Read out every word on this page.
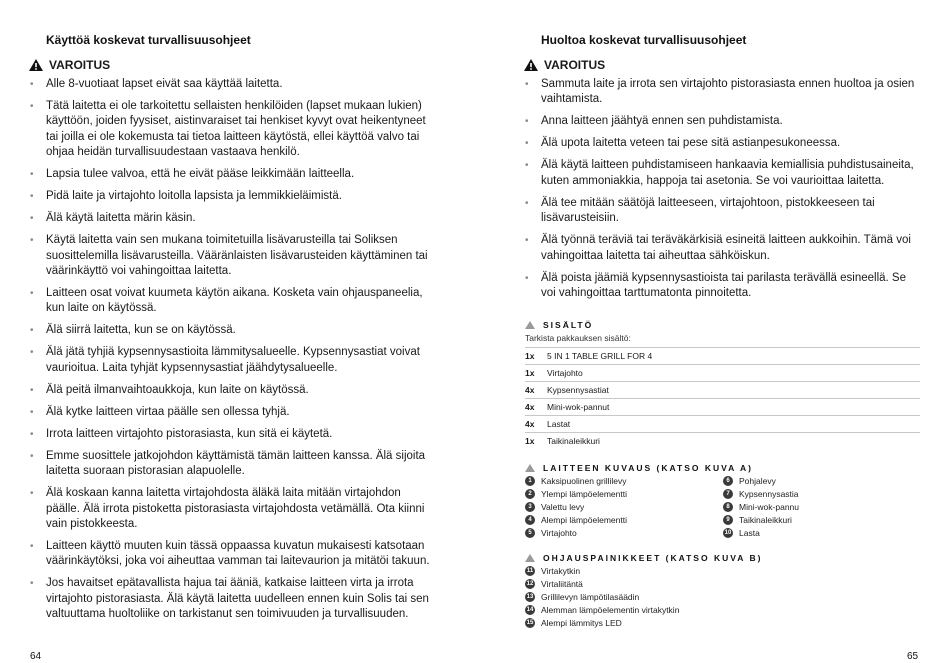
Käyttöä koskevat turvallisuusohjeet
VAROITUS
• Alle 8-vuotiaat lapset eivät saa käyttää laitetta.
• Tätä laitetta ei ole tarkoitettu sellaisten henkilöiden (lapset mukaan lukien) käyttöön, joiden fyysiset, aistinvaraiset tai henkiset kyvyt ovat heikentyneet tai joilla ei ole kokemusta tai tietoa laitteen käytöstä, ellei käyttöä valvo tai ohjaa heidän turvallisuudestaan vastaava henkilö.
• Lapsia tulee valvoa, että he eivät pääse leikkimään laitteella.
• Pidä laite ja virtajohto loitolla lapsista ja lemmikkieläimistä.
• Älä käytä laitetta märin käsin.
• Käytä laitetta vain sen mukana toimitetuilla lisävarusteilla tai Soliksen suosittelemilla lisävarusteilla. Vääränlaisten lisävarusteiden käyttäminen tai väärinkäyttö voi vahingoittaa laitetta.
• Laitteen osat voivat kuumeta käytön aikana. Kosketa vain ohjauspaneelia, kun laite on käytössä.
• Älä siirrä laitetta, kun se on käytössä.
• Älä jätä tyhjiä kypsennysastioita lämmitysalueelle. Kypsennysastiat voivat vaurioitua. Laita tyhjät kypsennysastiat jäähdytysalueelle.
• Älä peitä ilmanvaihtoaukkoja, kun laite on käytössä.
• Älä kytke laitteen virtaa päälle sen ollessa tyhjä.
• Irrota laitteen virtajohto pistorasiasta, kun sitä ei käytetä.
• Emme suosittele jatkojohdon käyttämistä tämän laitteen kanssa. Älä sijoita laitetta suoraan pistorasian alapuolelle.
• Älä koskaan kanna laitetta virtajohdosta äläkä laita mitään virtajohdon päälle. Älä irrota pistoketta pistorasiasta virtajohdosta vetämällä. Ota kiinni vain pistokkeesta.
• Laitteen käyttö muuten kuin tässä oppaassa kuvatun mukaisesti katsotaan väärinkäytöksi, joka voi aiheuttaa vamman tai laitevaurion ja mitätöi takuun.
• Jos havaitset epätavallista hajua tai ääniä, katkaise laitteen virta ja irrota virtajohto pistorasiasta. Älä käytä laitetta uudelleen ennen kuin Solis tai sen valtuuttama huoltoliike on tarkistanut sen toimivuuden ja turvallisuuden.
64
Huoltoa koskevat turvallisuusohjeet
VAROITUS
• Sammuta laite ja irrota sen virtajohto pistorasiasta ennen huoltoa ja osien vaihtamista.
• Anna laitteen jäähtyä ennen sen puhdistamista.
• Älä upota laitetta veteen tai pese sitä astianpesukoneessa.
• Älä käytä laitteen puhdistamiseen hankaavia kemiallisia puhdistusaineita, kuten ammoniakkia, happoja tai asetonia. Se voi vaurioittaa laitetta.
• Älä tee mitään säätöjä laitteeseen, virtajohtoon, pistokkeeseen tai lisävarusteisiin.
• Älä työnnä teräviä tai teräväkärkisiä esineitä laitteen aukkoihin. Tämä voi vahingoittaa laitetta tai aiheuttaa sähköiskun.
• Älä poista jäämiä kypsennysastioista tai parilasta terävällä esineellä. Se voi vahingoittaa tarttumatonta pinnoitetta.
SISÄLTÖ
Tarkista pakkauksen sisältö:
1x	5 IN 1 TABLE GRILL FOR 4
1x	Virtajohto
4x	Kypsennysastiat
4x	Mini-wok-pannut
4x	Lastat
1x	Taikinaleikkuri
LAITTEEN KUVAUS (KATSO KUVA A)
1	Kaksipuolinen grillilevy
2	Ylempi lämpöelementti
3	Valettu levy
4	Alempi lämpöelementti
5	Virtajohto
6	Pohjalevy
7	Kypsennysastia
8	Mini-wok-pannu
9	Taikinaleikkuri
10 Lasta
OHJAUSPAINIKKEET (KATSO KUVA B)
11 Virtakytkin
12 Virtaliitäntä
13 Grillilevyn lämpötilasäädin
14 Alemman lämpöelementin virtakytkin
15 Alempi lämmitys LED
65
